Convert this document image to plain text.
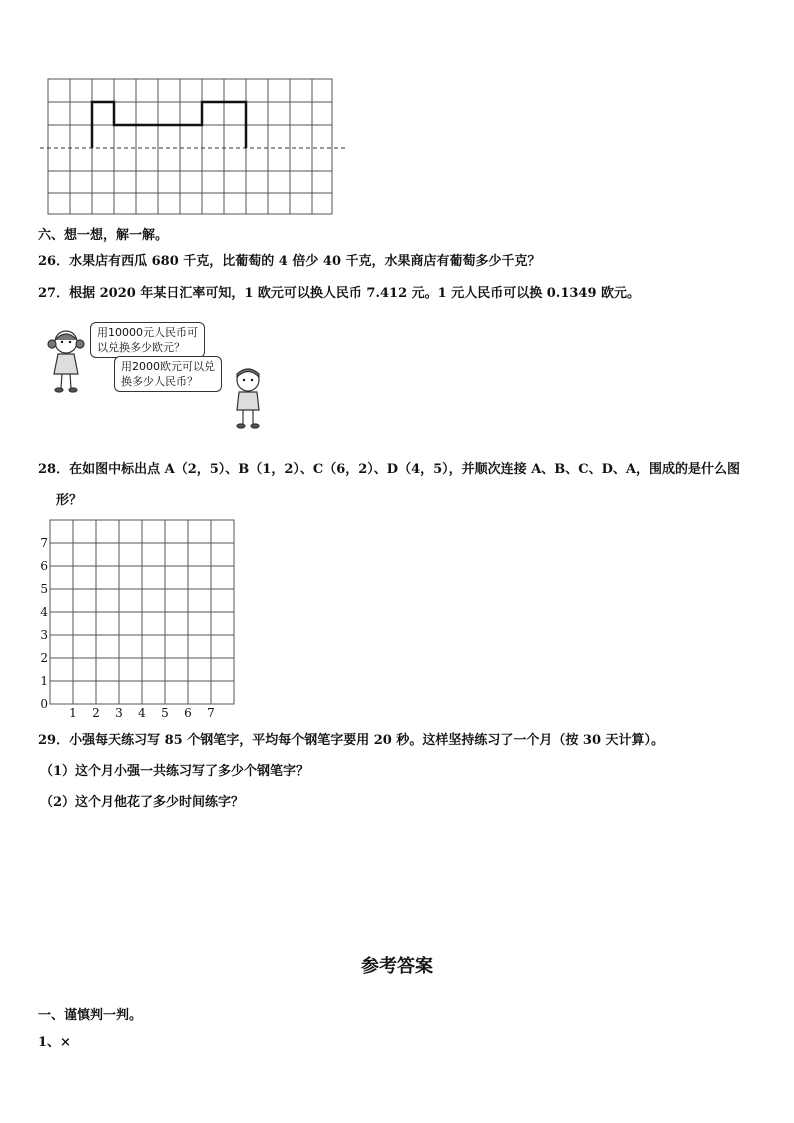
六、想一想，解一解。
26．水果店有西瓜 680 千克，比葡萄的 4 倍少 40 千克，水果商店有葡萄多少千克？
27．根据 2020 年某日汇率可知，1 欧元可以换人民币 7.412 元。1 元人民币可以换 0.1349 欧元。
用10000元人民币可
以兑换多少欧元？
用2000欧元可以兑
换多少人民币？
28．在如图中标出点 A（2，5）、B（1，2）、C（6，2）、D（4，5），并顺次连接 A、B、C、D、A，围成的是什么图
形？
7
6
5
4
3
2
1
0
1 2 3 4 5 6 7
29．小强每天练习写 85 个钢笔字，平均每个钢笔字要用 20 秒。这样坚持练习了一个月（按 30 天计算）。
（1）这个月小强一共练习写了多少个钢笔字？
（2）这个月他花了多少时间练字？
参考答案
一、谨慎判一判。
1、×
